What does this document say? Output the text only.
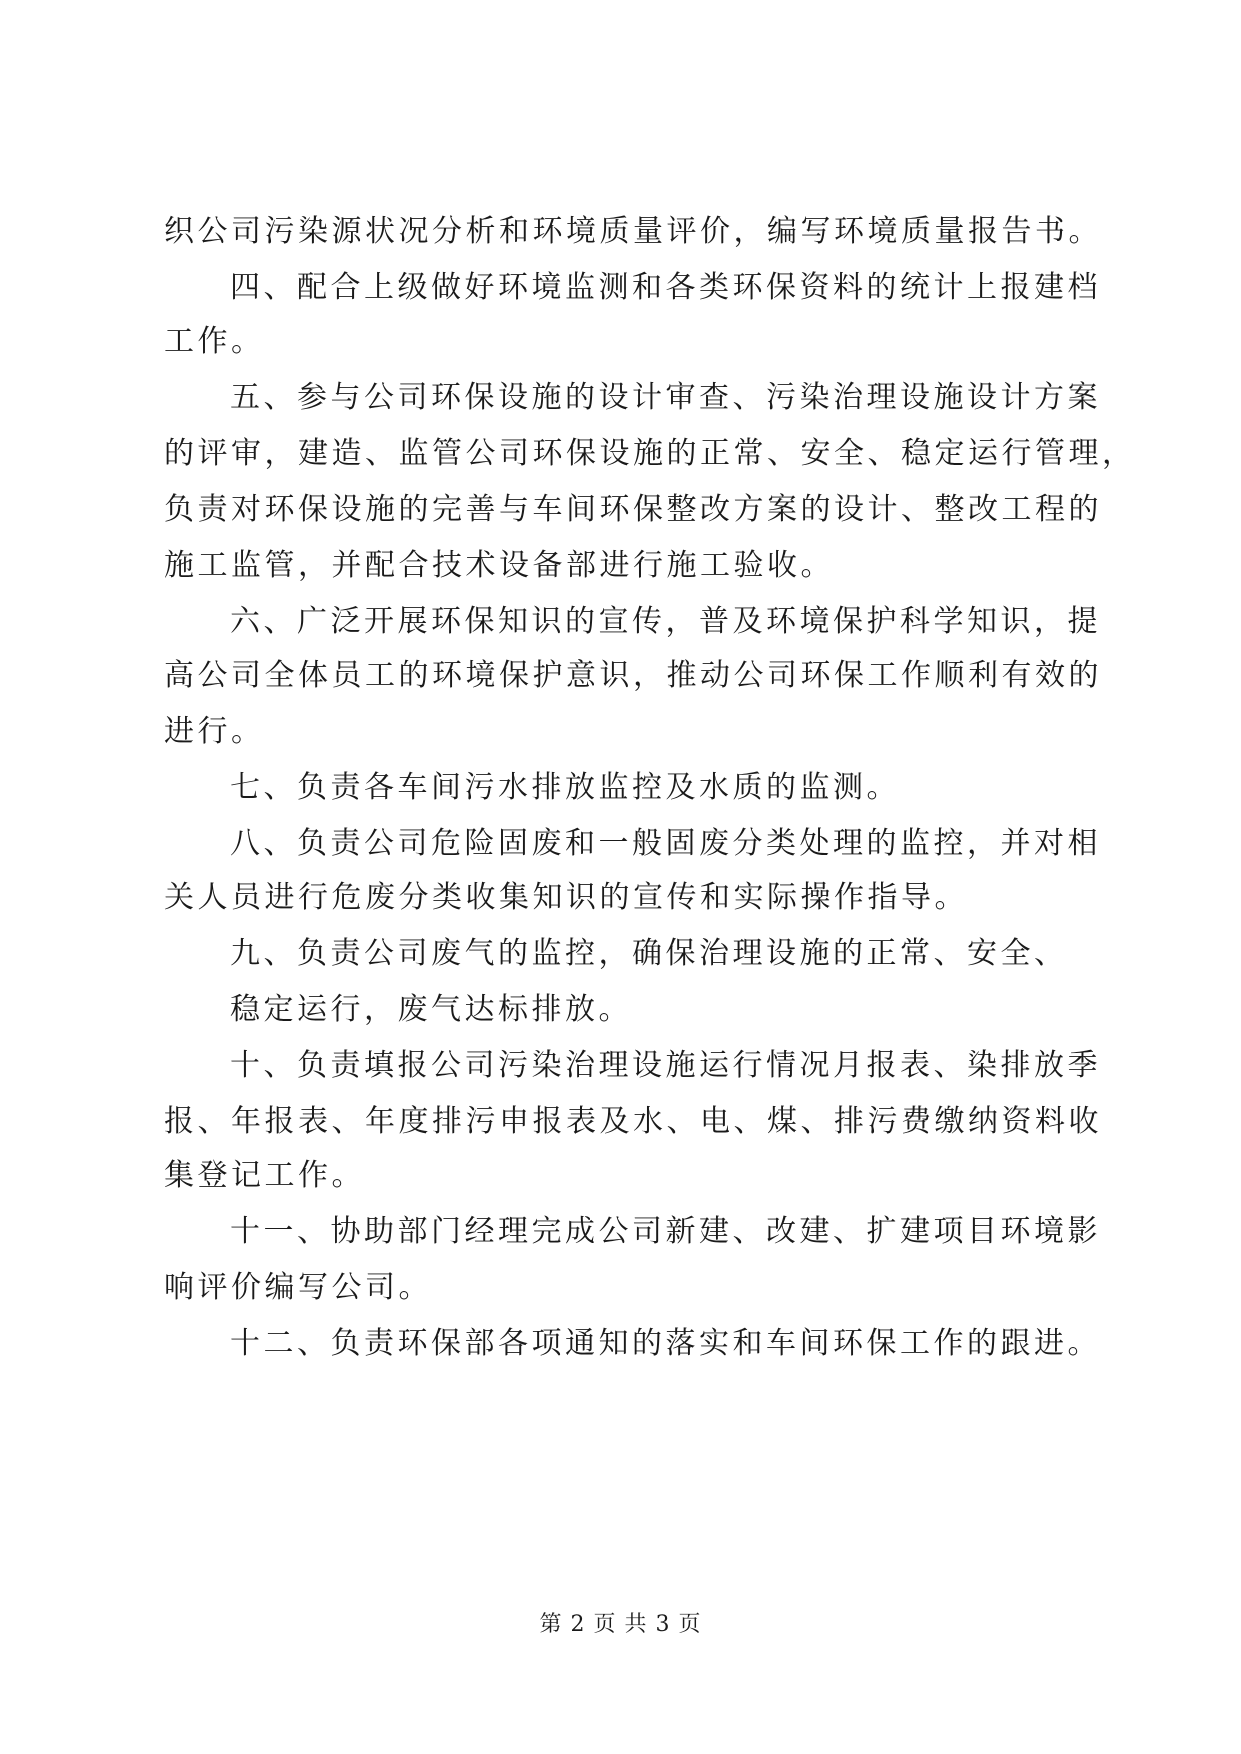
织公司污染源状况分析和环境质量评价，编写环境质量报告书。
四、配合上级做好环境监测和各类环保资料的统计上报建档
工作。
五、参与公司环保设施的设计审查、污染治理设施设计方案
的评审，建造、监管公司环保设施的正常、安全、稳定运行管理，
负责对环保设施的完善与车间环保整改方案的设计、整改工程的
施工监管，并配合技术设备部进行施工验收。
六、广泛开展环保知识的宣传，普及环境保护科学知识，提
高公司全体员工的环境保护意识，推动公司环保工作顺利有效的
进行。
七、负责各车间污水排放监控及水质的监测。
八、负责公司危险固废和一般固废分类处理的监控，并对相
关人员进行危废分类收集知识的宣传和实际操作指导。
九、负责公司废气的监控，确保治理设施的正常、安全、
稳定运行，废气达标排放。
十、负责填报公司污染治理设施运行情况月报表、染排放季
报、年报表、年度排污申报表及水、电、煤、排污费缴纳资料收
集登记工作。
十一、协助部门经理完成公司新建、改建、扩建项目环境影
响评价编写公司。
十二、负责环保部各项通知的落实和车间环保工作的跟进。
第 2 页 共 3 页
